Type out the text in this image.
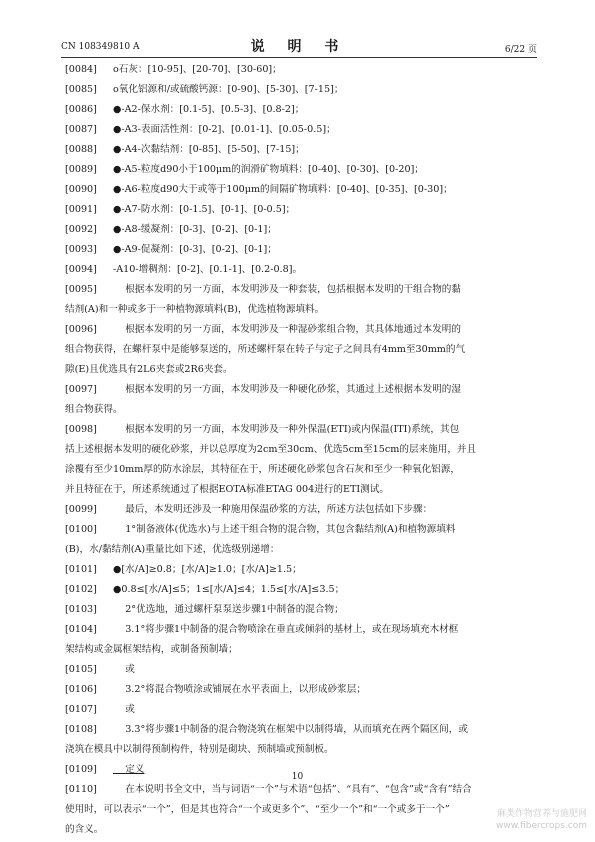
CN 108349810 A	说 明 书	6/22 页
[0084] o石灰：[10-95]、[20-70]、[30-60]；
[0085] o氧化铝源和/或硫酸钙源：[0-90]、[5-30]、[7-15]；
[0086] ●-A2-保水剂：[0.1-5]、[0.5-3]、[0.8-2]；
[0087] ●-A3-表面活性剂：[0-2]、[0.01-1]、[0.05-0.5]；
[0088] ●-A4-次黏结剂：[0-85]、[5-50]、[7-15]；
[0089] ●-A5-粒度d90小于100μm的润滑矿物填料：[0-40]、[0-30]、[0-20]；
[0090] ●-A6-粒度d90大于或等于100μm的间隔矿物填料：[0-40]、[0-35]、[0-30]；
[0091] ●-A7-防水剂：[0-1.5]、[0-1]、[0-0.5]；
[0092] ●-A8-缓凝剂：[0-3]、[0-2]、[0-1]；
[0093] ●-A9-促凝剂：[0-3]、[0-2]、[0-1]；
[0094] -A10-增稠剂：[0-2]、[0.1-1]、[0.2-0.8]。
[0095] 根据本发明的另一方面，本发明涉及一种套装，包括根据本发明的干组合物的黏
结剂(A)和一种或多于一种植物源填料(B)，优选植物源填料。
[0096] 根据本发明的另一方面，本发明涉及一种湿砂浆组合物，其具体地通过本发明的
组合物获得，在螺杆泵中是能够泵送的，所述螺杆泵在转子与定子之间具有4mm至30mm的气
隙(E)且优选具有2L6夹套或2R6夹套。
[0097] 根据本发明的另一方面，本发明涉及一种硬化砂浆，其通过上述根据本发明的湿
组合物获得。
[0098] 根据本发明的另一方面，本发明涉及一种外保温(ETI)或内保温(ITI)系统，其包
括上述根据本发明的硬化砂浆，并以总厚度为2cm至30cm、优选5cm至15cm的层来施用，并且
涂覆有至少10mm厚的防水涂层，其特征在于，所述硬化砂浆包含石灰和至少一种氧化铝源，
并且特征在于，所述系统通过了根据EOTA标准ETAG 004进行的ETI测试。
[0099] 最后，本发明还涉及一种施用保温砂浆的方法，所述方法包括如下步骤：
[0100] 1°制备液体(优选水)与上述干组合物的混合物，其包含黏结剂(A)和植物源填料
(B)，水/黏结剂(A)重量比如下述，优选级别递增：
[0101] ●[水/A]≥0.8；[水/A]≥1.0；[水/A]≥1.5；
[0102] ●0.8≤[水/A]≤5；1≤[水/A]≤4；1.5≤[水/A]≤3.5；
[0103] 2°优选地，通过螺杆泵泵送步骤1中制备的混合物；
[0104] 3.1°将步骤1中制备的混合物喷涂在垂直或倾斜的基材上，或在现场填充木材框
架结构或金属框架结构，或制备预制墙；
[0105] 或
[0106] 3.2°将混合物喷涂或铺展在水平表面上，以形成砂浆层；
[0107] 或
[0108] 3.3°将步骤1中制备的混合物浇筑在框架中以制得墙，从而填充在两个隔区间，或
浇筑在模具中以制得预制构件，特别是砌块、预制墙或预制板。
[0109] 定义
[0110] 在本说明书全文中，当与词语“一个”与术语“包括”、“具有”、“包含”或“含有”结合
使用时，可以表示“一个”，但是其也符合“一个或更多个”、“至少一个”和“一个或多于一个”
的含义。
10
麻类作物营养与施肥网
www.fibercrops.com
